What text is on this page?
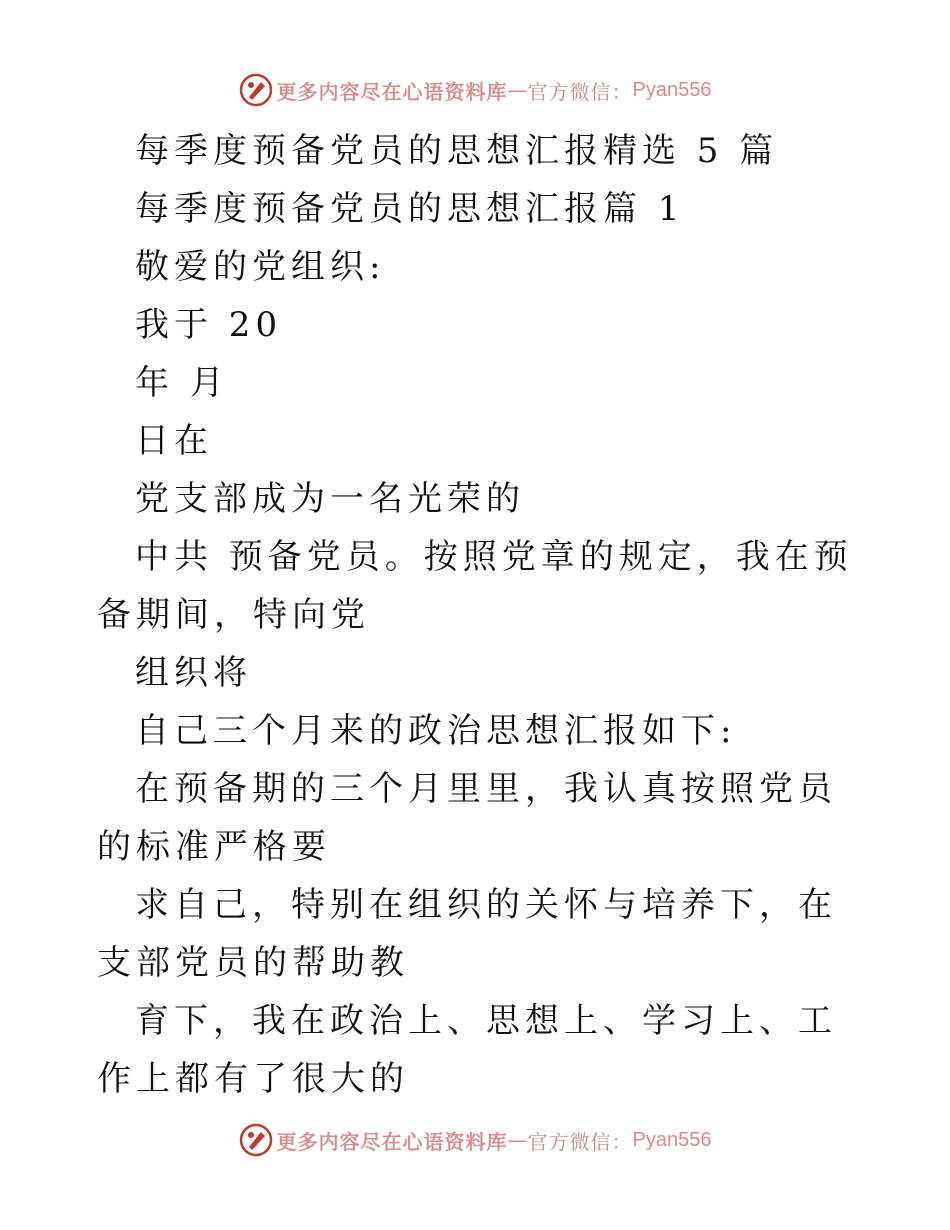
更多内容尽在心语资料库 — 官方微信： Pyan556
每季度预备党员的思想汇报精选 5 篇
每季度预备党员的思想汇报篇 1
敬爱的党组织:
我于 20
年 月
日在
党支部成为一名光荣的
中共 预备党员。按照党章的规定，我在预备期间，特向党
组织将
自己三个月来的政治思想汇报如下:
在预备期的三个月里里，我认真按照党员的标准严格要
求自己，特别在组织的关怀与培养下，在支部党员的帮助教
育下，我在政治上、思想上、学习上、工作上都有了很大的
更多内容尽在心语资料库 — 官方微信： Pyan556
